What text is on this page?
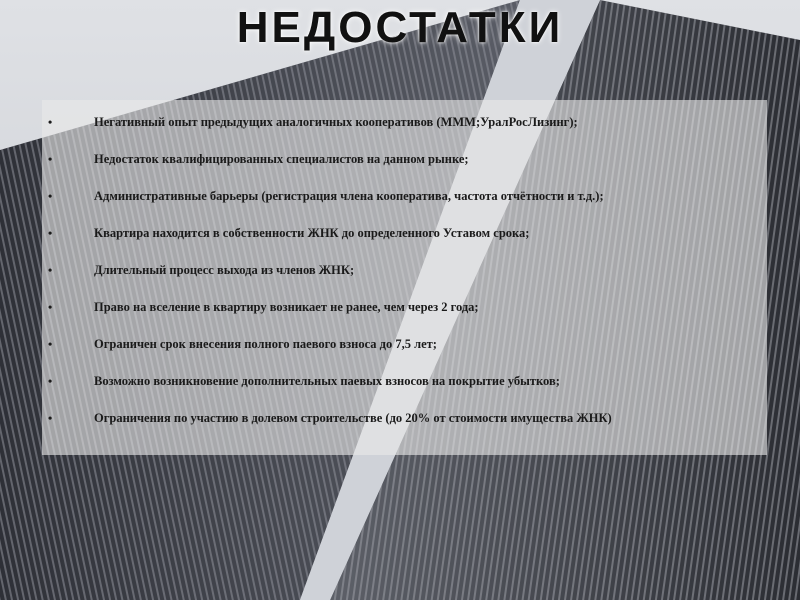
НЕДОСТАТКИ
•	Негативный опыт предыдущих аналогичных кооперативов (МММ;УралРосЛизинг);
•	Недостаток квалифицированных специалистов на данном рынке;
•	Административные барьеры (регистрация члена кооператива, частота отчётности и т.д.);
•	Квартира находится в собственности ЖНК до определенного Уставом срока;
•	Длительный процесс выхода из членов ЖНК;
•	Право на вселение в квартиру возникает не ранее, чем через 2 года;
•	Ограничен срок внесения полного паевого взноса до 7,5 лет;
•	Возможно возникновение дополнительных паевых взносов на покрытие убытков;
•	Ограничения по участию в долевом строительстве (до 20% от стоимости имущества ЖНК)
